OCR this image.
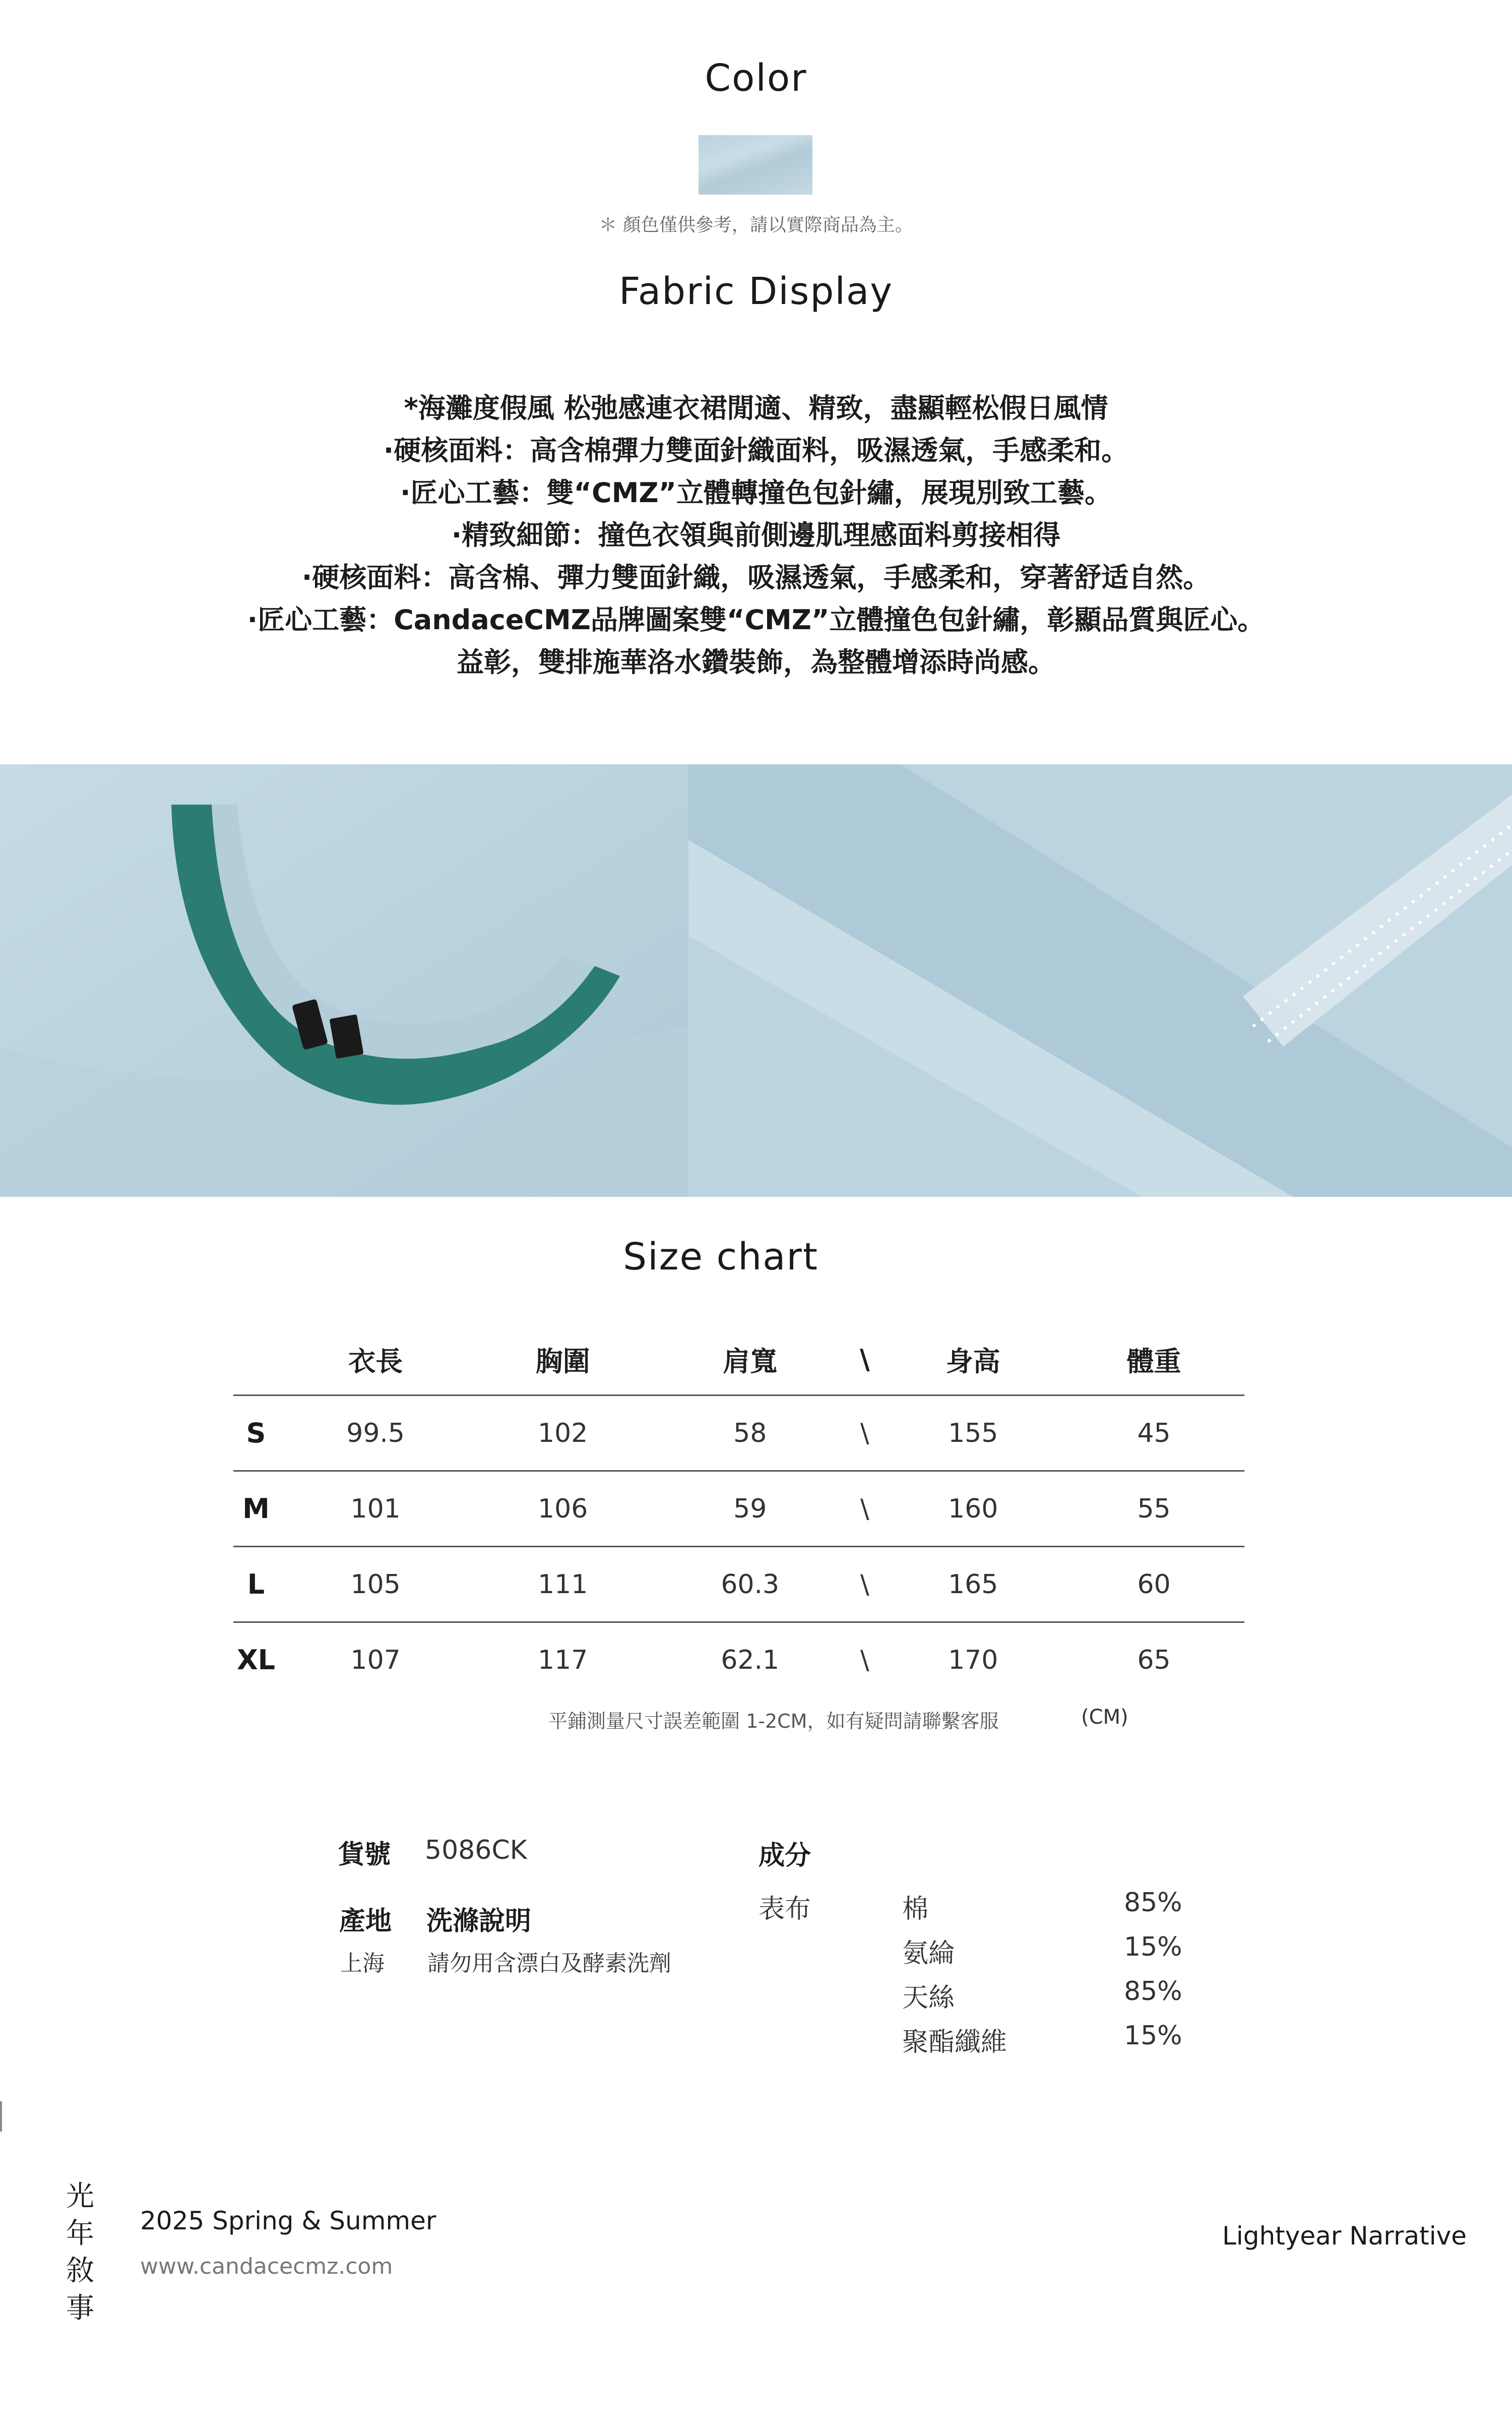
Color
＊ 顏色僅供參考，請以實際商品為主。
Fabric Display
*海灘度假風 松弛感連衣裙閒適、精致，盡顯輕松假日風情
·硬核面料：高含棉彈力雙面針織面料，吸濕透氣，手感柔和。
·匠心工藝：雙“CMZ”立體轉撞色包針繡，展現別致工藝。
·精致細節：撞色衣領與前側邊肌理感面料剪接相得
·硬核面料：高含棉、彈力雙面針織，吸濕透氣，手感柔和，穿著舒适自然。
·匠心工藝：CandaceCMZ品牌圖案雙“CMZ”立體撞色包針繡，彰顯品質與匠心。
益彰，雙排施華洛水鑽裝飾，為整體增添時尚感。
Size chart
	衣長	胸圍	肩寬	\	身高	體重
S	99.5	102	58	\	155	45
M	101	106	59	\	160	55
L	105	111	60.3	\	165	60
XL	107	117	62.1	\	170	65
平鋪測量尺寸誤差範圍 1-2CM，如有疑問請聯繫客服	(CM)
貨號 5086CK
產地 洗滌說明
上海 請勿用含漂白及酵素洗劑
成分
表布	棉	85%
氨綸	15%
天絲	85%
聚酯纖維	15%
光
年
敘
事
2025 Spring & Summer
www.candacecmz.com
Lightyear Narrative
